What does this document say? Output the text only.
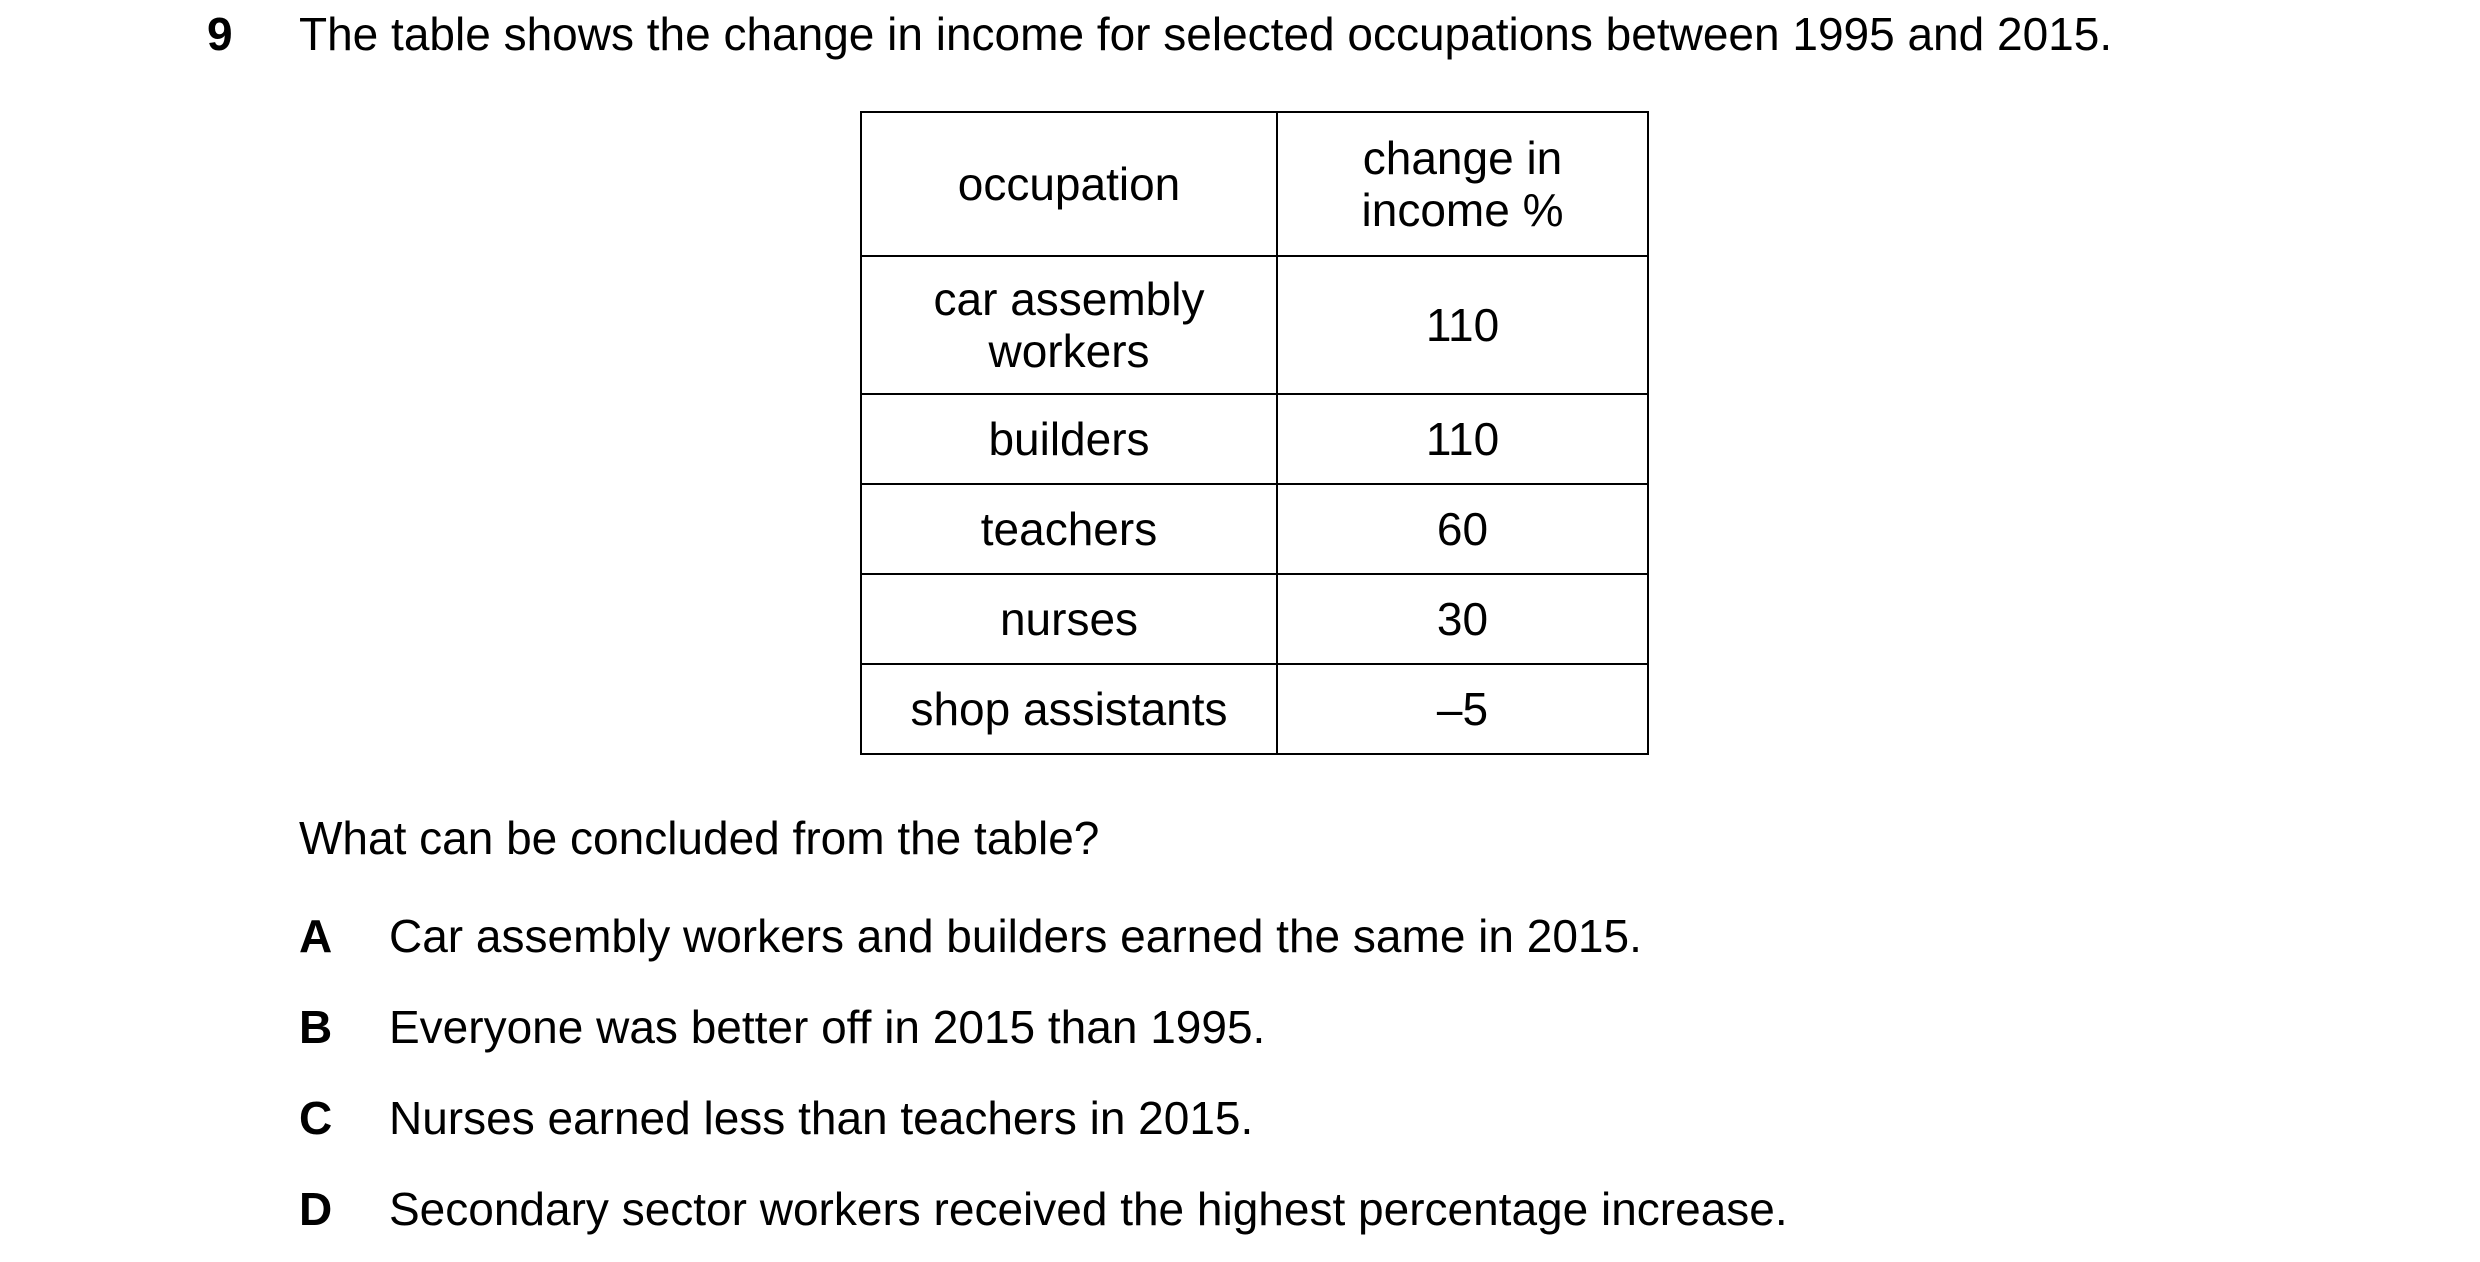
9 The table shows the change in income for selected occupations between 1995 and 2015.
occupation	change in
income %

car assembly
workers	110

builders	110

teachers	60

nurses	30

shop assistants	–5
What can be concluded from the table?
A Car assembly workers and builders earned the same in 2015.
B Everyone was better off in 2015 than 1995.
C Nurses earned less than teachers in 2015.
D Secondary sector workers received the highest percentage increase.
